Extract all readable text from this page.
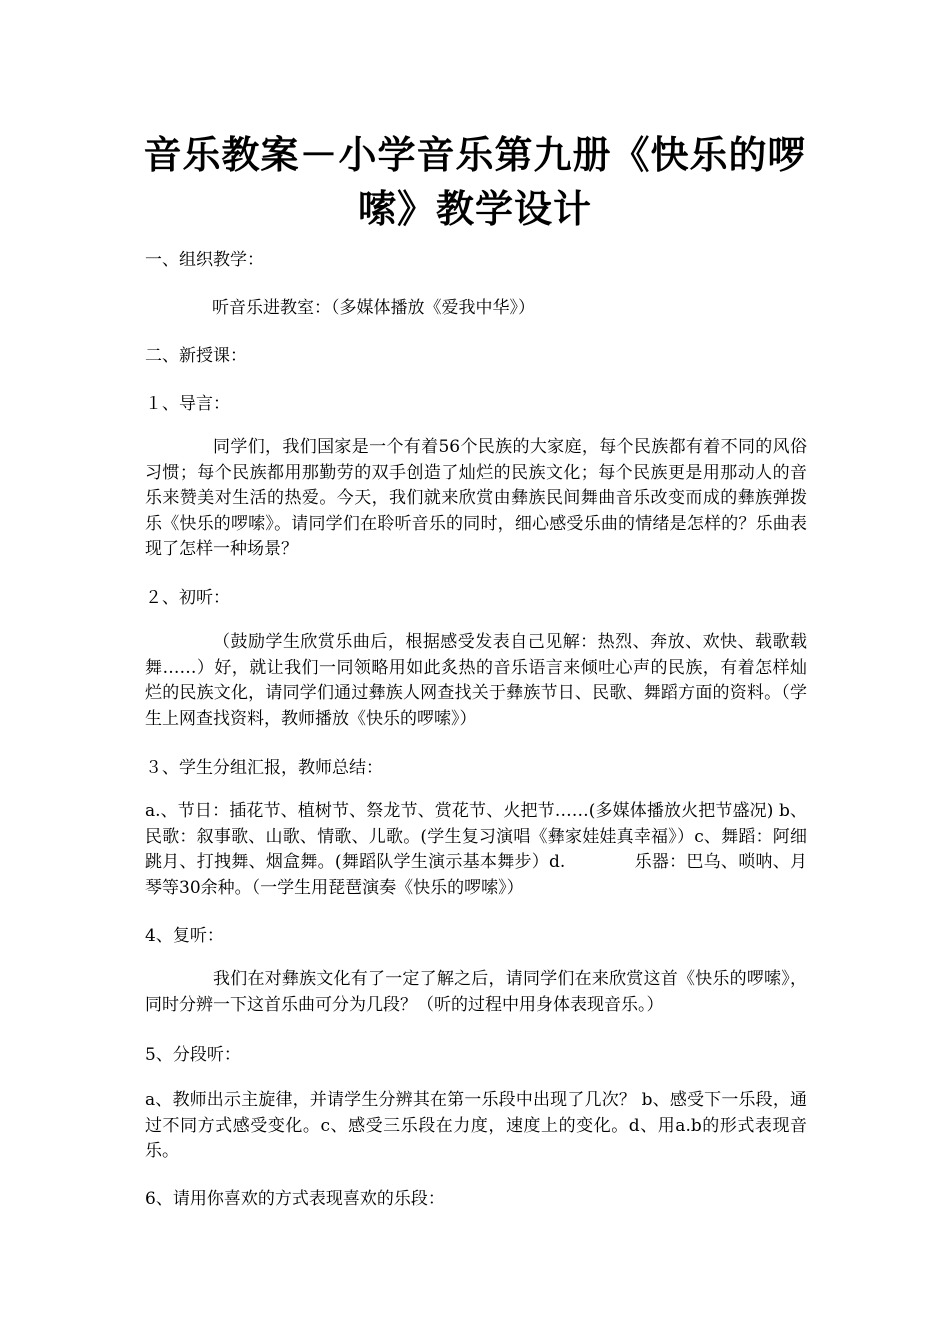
音乐教案－小学音乐第九册《快乐的啰嗦》教学设计
一、组织教学：
听音乐进教室：（多媒体播放《爱我中华》）
二、新授课：
１、导言：
同学们，我们国家是一个有着56个民族的大家庭，每个民族都有着不同的风俗习惯；每个民族都用那勤劳的双手创造了灿烂的民族文化；每个民族更是用那动人的音乐来赞美对生活的热爱。今天，我们就来欣赏由彝族民间舞曲音乐改变而成的彝族弹拨乐《快乐的啰嗦》。请同学们在聆听音乐的同时，细心感受乐曲的情绪是怎样的？乐曲表现了怎样一种场景？
２、初听：
（鼓励学生欣赏乐曲后，根据感受发表自己见解：热烈、奔放、欢快、载歌载舞……）好，就让我们一同领略用如此炙热的音乐语言来倾吐心声的民族，有着怎样灿烂的民族文化，请同学们通过彝族人网查找关于彝族节日、民歌、舞蹈方面的资料。（学生上网查找资料，教师播放《快乐的啰嗦》）
３、学生分组汇报，教师总结：
a.、节日：插花节、植树节、祭龙节、赏花节、火把节……(多媒体播放火把节盛况) b、民歌：叙事歌、山歌、情歌、儿歌。(学生复习演唱《彝家娃娃真幸福》）c、舞蹈：阿细跳月、打拽舞、烟盒舞。(舞蹈队学生演示基本舞步）d.　　　　乐器：巴乌、唢呐、月琴等30余种。（一学生用琵琶演奏《快乐的啰嗦》）
4、复听：
我们在对彝族文化有了一定了解之后，请同学们在来欣赏这首《快乐的啰嗦》，同时分辨一下这首乐曲可分为几段？（听的过程中用身体表现音乐。）
5、分段听：
a、教师出示主旋律，并请学生分辨其在第一乐段中出现了几次？ b、感受下一乐段，通过不同方式感受变化。c、感受三乐段在力度，速度上的变化。d、用a.b的形式表现音乐。
6、请用你喜欢的方式表现喜欢的乐段：
